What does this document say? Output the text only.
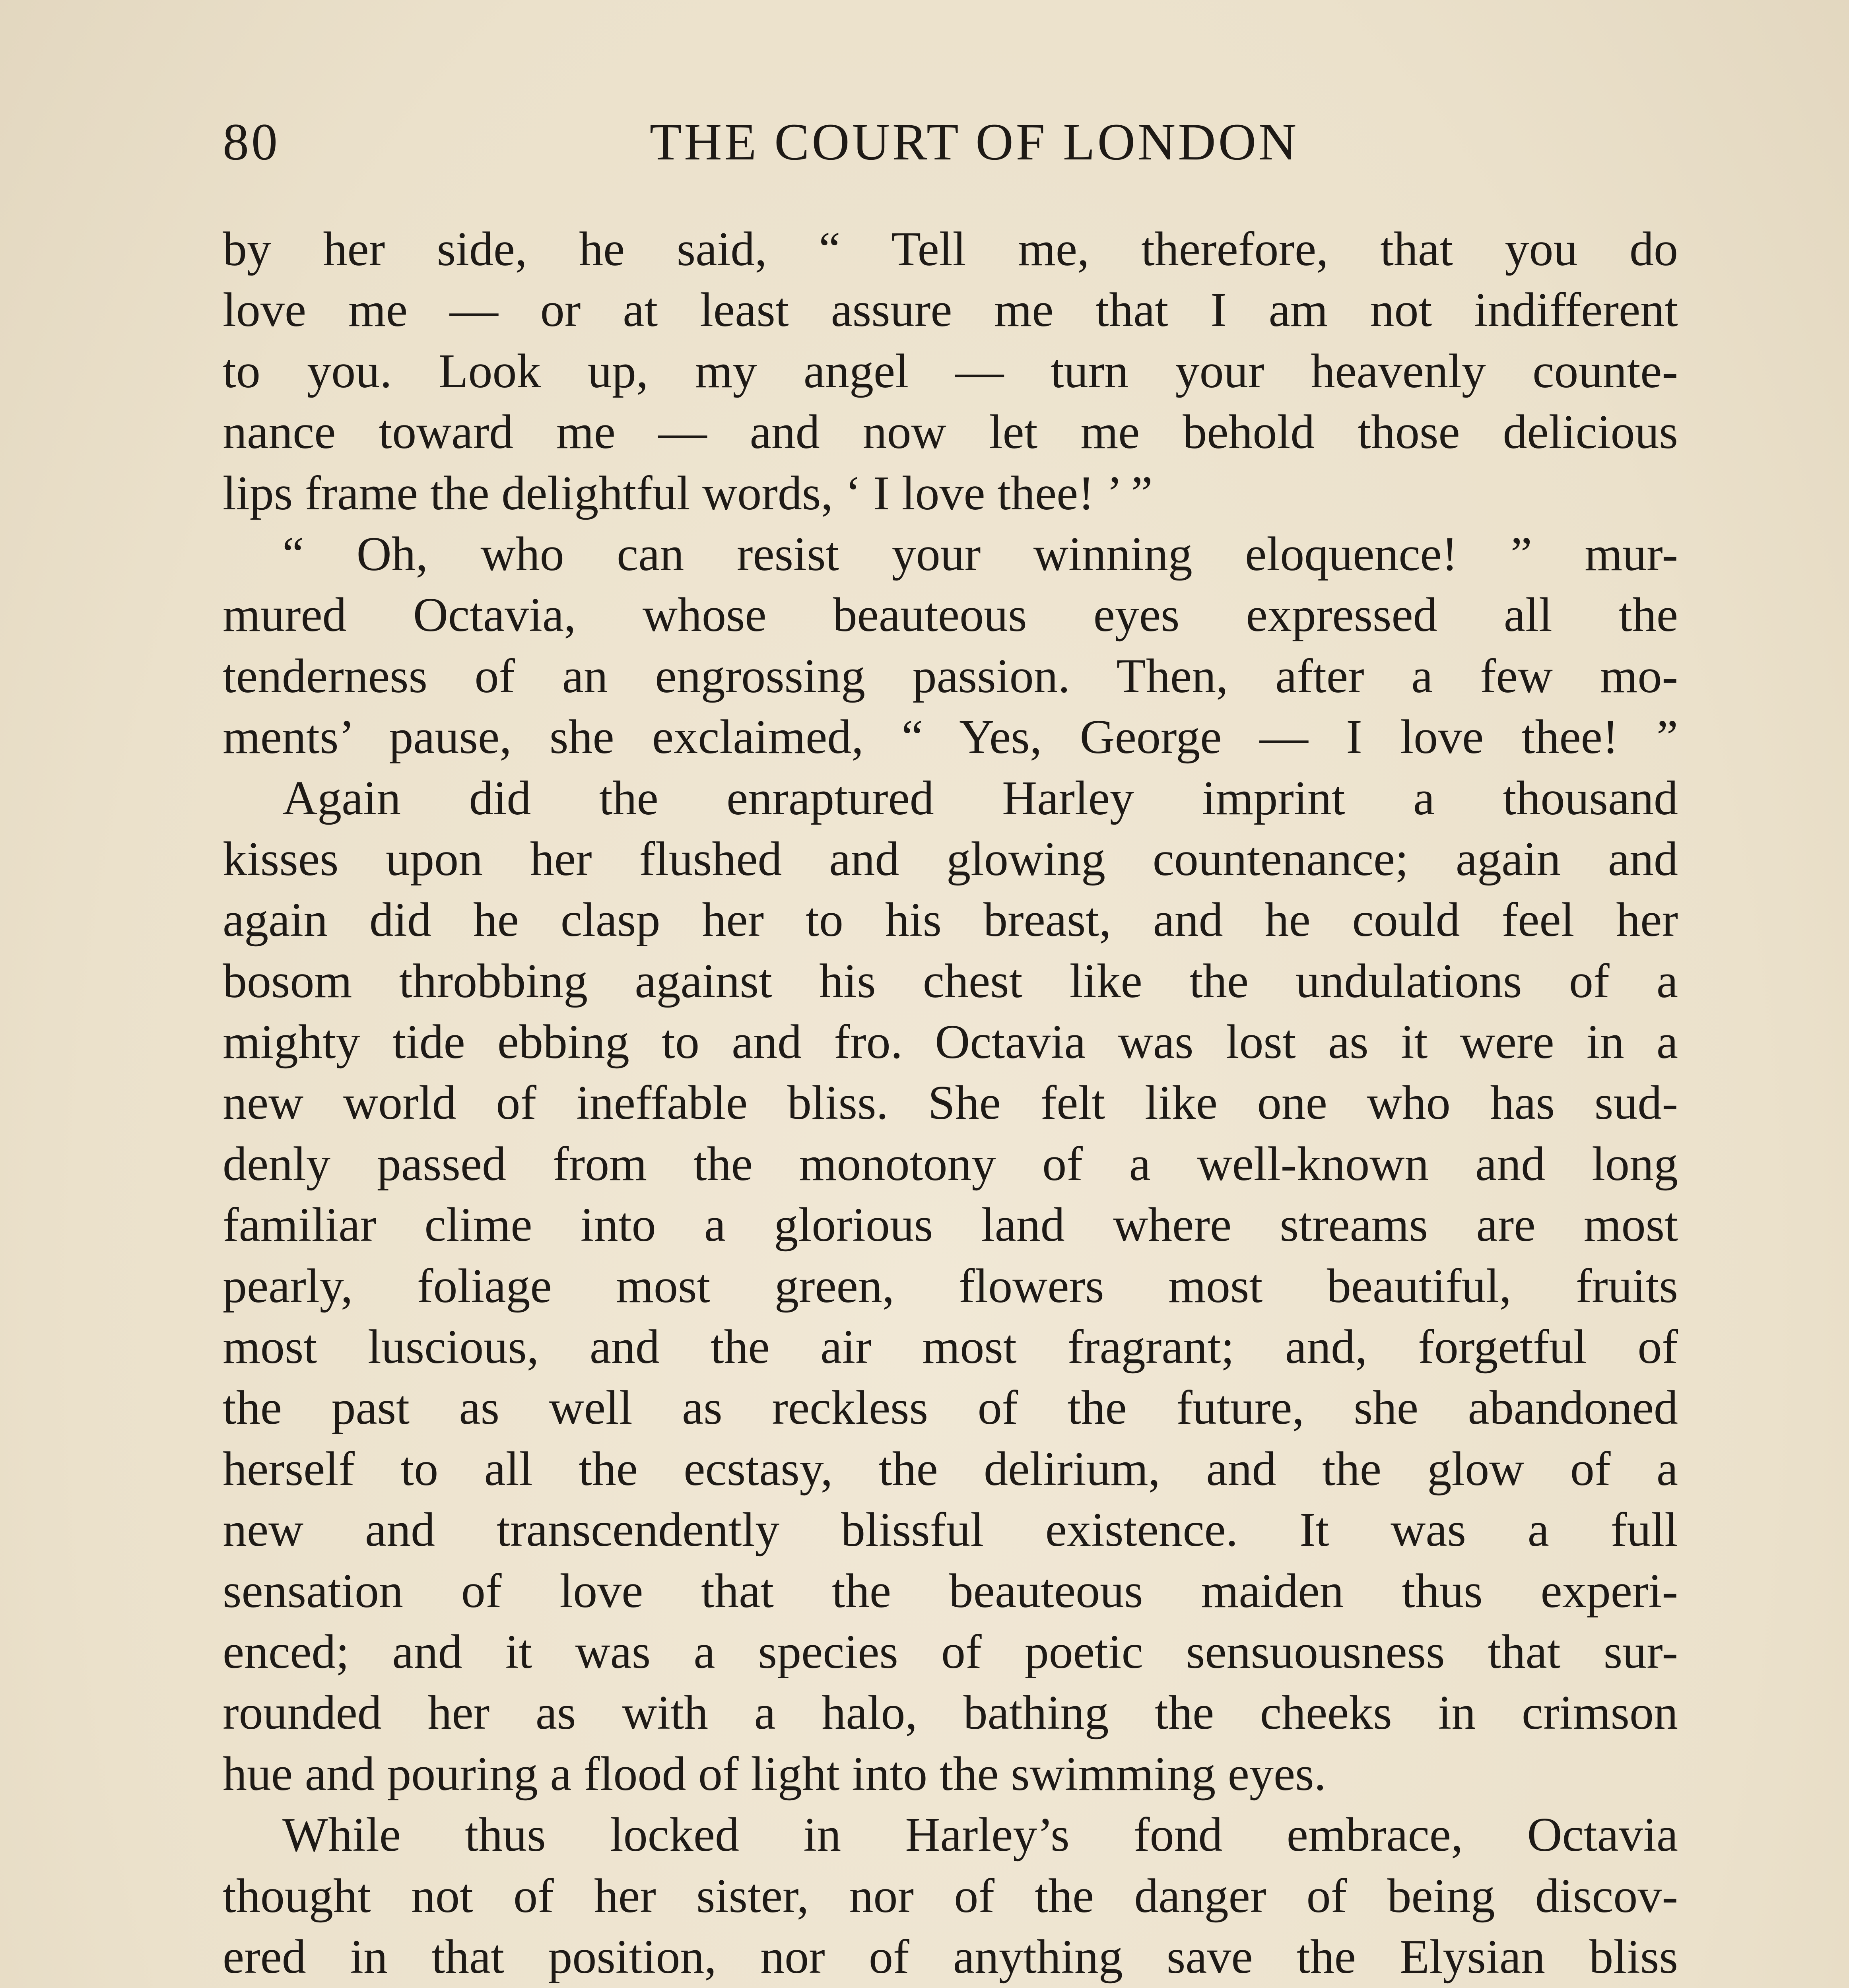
80	THE COURT OF LONDON
by her side, he said, “ Tell me, therefore, that you do
love me — or at least assure me that I am not indifferent
to you. Look up, my angel — turn your heavenly counte-
nance toward me — and now let me behold those delicious
lips frame the delightful words, ‘ I love thee! ’ ”
“ Oh, who can resist your winning eloquence! ” mur-
mured Octavia, whose beauteous eyes expressed all the
tenderness of an engrossing passion. Then, after a few mo-
ments’ pause, she exclaimed, “ Yes, George — I love thee! ”
Again did the enraptured Harley imprint a thousand
kisses upon her flushed and glowing countenance; again and
again did he clasp her to his breast, and he could feel her
bosom throbbing against his chest like the undulations of a
mighty tide ebbing to and fro. Octavia was lost as it were in a
new world of ineffable bliss. She felt like one who has sud-
denly passed from the monotony of a well-known and long
familiar clime into a glorious land where streams are most
pearly, foliage most green, flowers most beautiful, fruits
most luscious, and the air most fragrant; and, forgetful of
the past as well as reckless of the future, she abandoned
herself to all the ecstasy, the delirium, and the glow of a
new and transcendently blissful existence. It was a full
sensation of love that the beauteous maiden thus experi-
enced; and it was a species of poetic sensuousness that sur-
rounded her as with a halo, bathing the cheeks in crimson
hue and pouring a flood of light into the swimming eyes.
While thus locked in Harley’s fond embrace, Octavia
thought not of her sister, nor of the danger of being discov-
ered in that position, nor of anything save the Elysian bliss
